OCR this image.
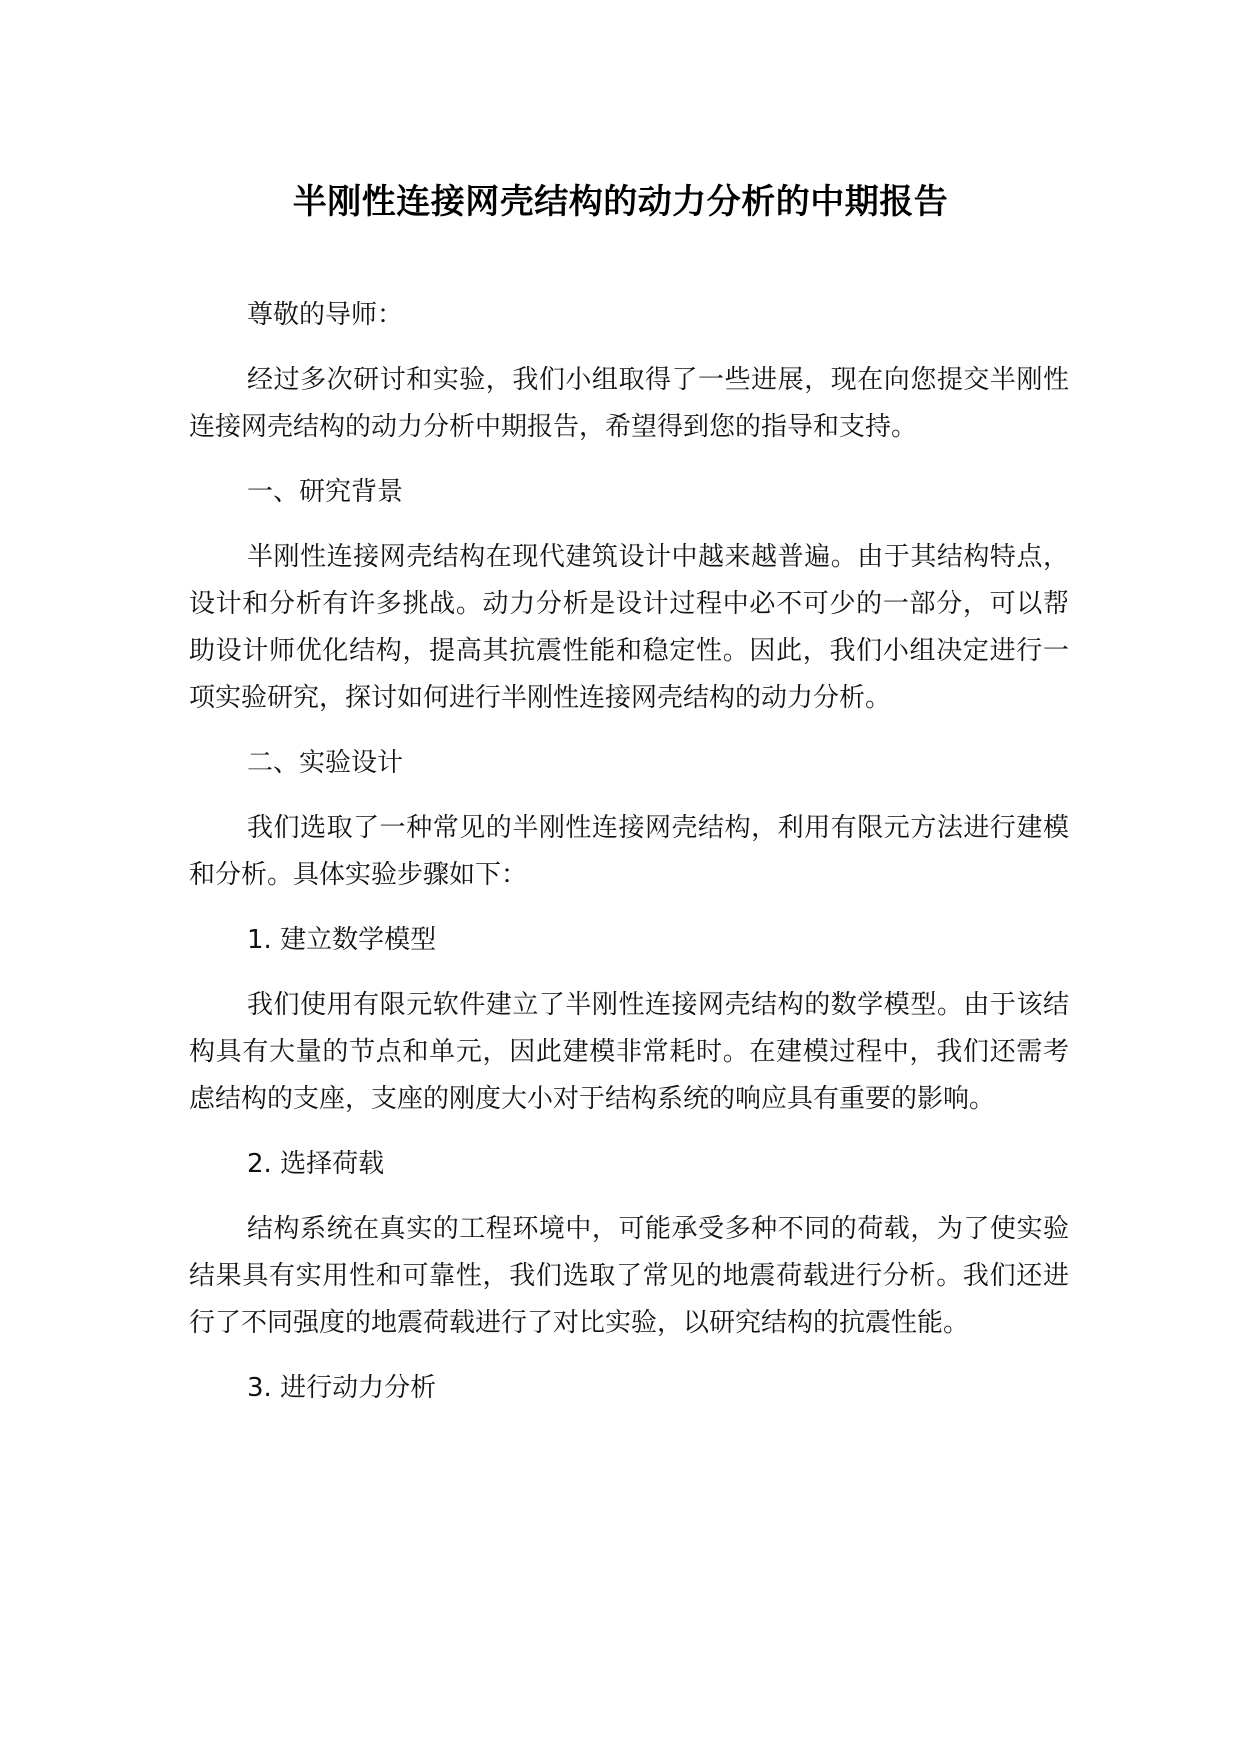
半刚性连接网壳结构的动力分析的中期报告

尊敬的导师：

经过多次研讨和实验，我们小组取得了一些进展，现在向您提交半刚性连接网壳结构的动力分析中期报告，希望得到您的指导和支持。

一、研究背景

半刚性连接网壳结构在现代建筑设计中越来越普遍。由于其结构特点，设计和分析有许多挑战。动力分析是设计过程中必不可少的一部分，可以帮助设计师优化结构，提高其抗震性能和稳定性。因此，我们小组决定进行一项实验研究，探讨如何进行半刚性连接网壳结构的动力分析。

二、实验设计

我们选取了一种常见的半刚性连接网壳结构，利用有限元方法进行建模和分析。具体实验步骤如下：

1. 建立数学模型

我们使用有限元软件建立了半刚性连接网壳结构的数学模型。由于该结构具有大量的节点和单元，因此建模非常耗时。在建模过程中，我们还需考虑结构的支座，支座的刚度大小对于结构系统的响应具有重要的影响。

2. 选择荷载

结构系统在真实的工程环境中，可能承受多种不同的荷载，为了使实验结果具有实用性和可靠性，我们选取了常见的地震荷载进行分析。我们还进行了不同强度的地震荷载进行了对比实验，以研究结构的抗震性能。

3. 进行动力分析
